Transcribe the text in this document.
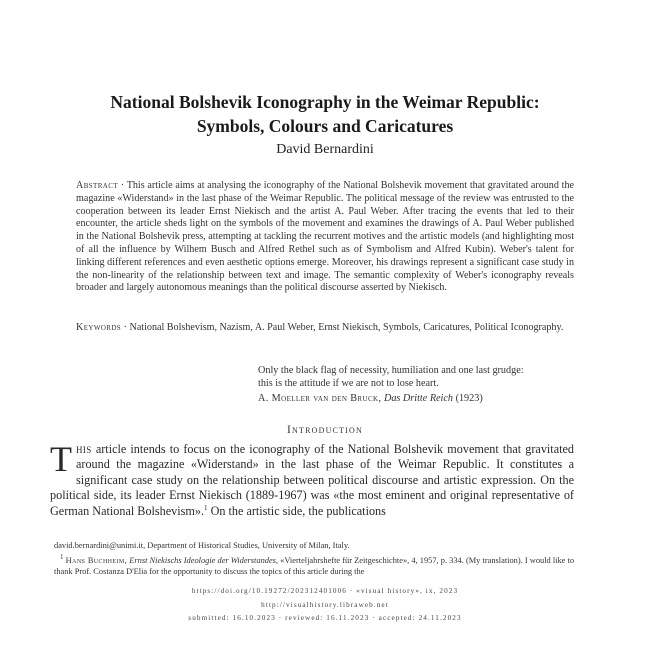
National Bolshevik Iconography in the Weimar Republic:
Symbols, Colours and Caricatures
David Bernardini
Abstract · This article aims at analysing the iconography of the National Bolshevik movement that gravitated around the magazine «Widerstand» in the last phase of the Weimar Republic. The political message of the review was entrusted to the cooperation between its leader Ernst Niekisch and the artist A. Paul Weber. After tracing the events that led to their encounter, the article sheds light on the symbols of the movement and examines the drawings of A. Paul Weber published in the National Bolshevik press, attempting at tackling the recurrent motives and the artistic models (and highlighting most of all the influence by Wilhem Busch and Alfred Rethel such as of Symbolism and Alfred Kubin). Weber's talent for linking different references and even aesthetic options emerge. Moreover, his drawings represent a significant case study in the non-linearity of the relationship between text and image. The semantic complexity of Weber's iconography reveals broader and largely autonomous meanings than the political discourse asserted by Niekisch.
Keywords · National Bolshevism, Nazism, A. Paul Weber, Ernst Niekisch, Symbols, Caricatures, Political Iconography.
Only the black flag of necessity, humiliation and one last grudge:
this is the attitude if we are not to lose heart.
A. Moeller van den Bruck, Das Dritte Reich (1923)
Introduction
This article intends to focus on the iconography of the National Bolshevik movement that gravitated around the magazine «Widerstand» in the last phase of the Weimar Republic. It constitutes a significant case study on the relationship between political discourse and artistic expression. On the political side, its leader Ernst Niekisch (1889-1967) was «the most eminent and original representative of German National Bolshevism».$^1$ On the artistic side, the publications
david.bernardini@unimi.it, Department of Historical Studies, University of Milan, Italy.
$^1$ Hans Buchheim, Ernst Niekischs Ideologie der Widerstandes, «Vierteljahrshefte für Zeitgeschichte», 4, 1957, p. 334. (My translation). I would like to thank Prof. Costanza D'Elia for the opportunity to discuss the topics of this article during the
https://doi.org/10.19272/202312401006 · «visual history», ix, 2023
http://visualhistory.libraweb.net
submitted: 16.10.2023 · reviewed: 16.11.2023 · accepted: 24.11.2023
